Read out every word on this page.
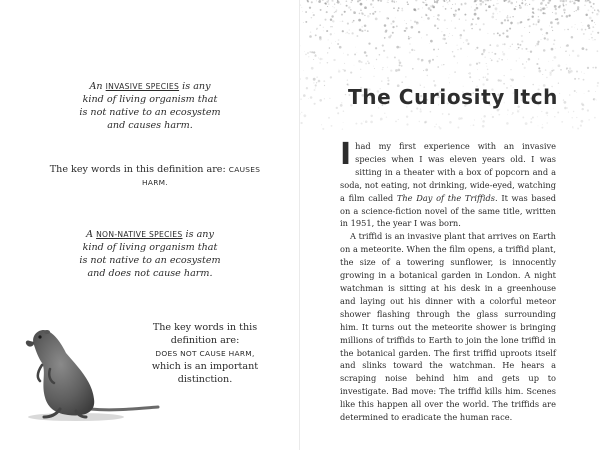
An INVASIVE SPECIES is any kind of living organism that is not native to an ecosystem and causes harm.
The key words in this definition are: CAUSES HARM.
A NON-NATIVE SPECIES is any kind of living organism that is not native to an ecosystem and does not cause harm.
The key words in this definition are:
DOES NOT CAUSE HARM,
which is an important distinction.
The Curiosity Itch

Ihad my first experience with an invasive species when I was eleven years old. I was sitting in a theater with a box of popcorn and a soda, not eating, not drinking, wide-eyed, watching a film called The Day of the Triffids. It was based on a science-fiction novel of the same title, written in 1951, the year I was born.

A triffid is an invasive plant that arrives on Earth on a meteorite. When the film opens, a triffid plant, the size of a towering sunflower, is innocently growing in a botanical garden in London. A night watchman is sitting at his desk in a greenhouse and laying out his dinner with a colorful meteor shower flashing through the glass surrounding him. It turns out the meteorite shower is bringing millions of triffids to Earth to join the lone triffid in the botanical garden. The first triffid uproots itself and slinks toward the watchman. He hears a scraping noise behind him and gets up to investigate. Bad move: The triffid kills him. Scenes like this happen all over the world. The triffids are determined to eradicate the human race.
